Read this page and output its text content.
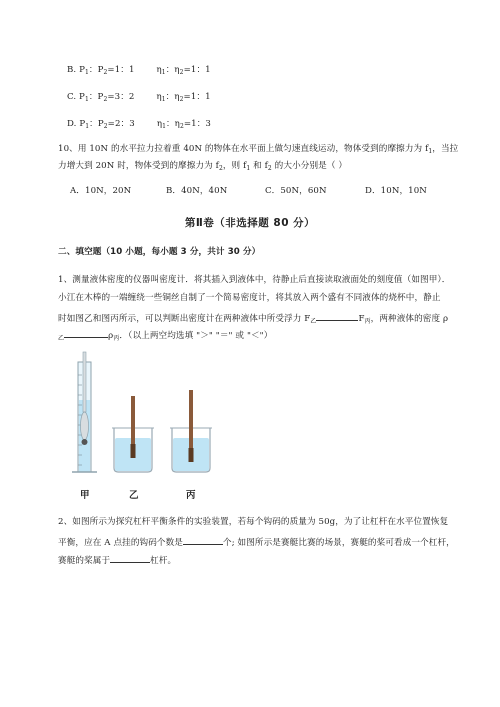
B. $P_1$：$P_2=1$：1	$\eta_1$：$\eta_2=1$：1
C. $P_1$：$P_2=3$：2	$\eta_1$：$\eta_2=1$：1
D. $P_1$：$P_2=2$：3	$\eta_1$：$\eta_2=1$：3
10、用 10N 的水平拉力拉着重 40N 的物体在水平面上做匀速直线运动，物体受到的摩擦力为 $f_1$，当拉
力增大到 20N 时，物体受到的摩擦力为 $f_2$，则 $f_1$ 和 $f_2$ 的大小分别是（ ）
A．10N，20N	B．40N，40N	C．50N，60N	D．10N，10N
第Ⅱ卷（非选择题 80 分）
二、填空题（10 小题，每小题 3 分，共计 30 分）
1、测量液体密度的仪器叫密度计．将其插入到液体中，待静止后直接读取液面处的刻度值（如图甲）．
小江在木棒的一端缠绕一些铜丝自制了一个简易密度计，将其放入两个盛有不同液体的烧杯中，静止
时如图乙和图丙所示，可以判断出密度计在两种液体中所受浮力 $F_乙$	$F_丙$，两种液体的密度 ρ
$_乙$	$\rho_丙$．（以上两空均选填 "＞" "＝" 或 "＜"）
甲	乙	丙
2、如图所示为探究杠杆平衡条件的实验装置，若每个钩码的质量为 50g，为了让杠杆在水平位置恢复
平衡，应在 A 点挂的钩码个数是	个; 如图所示是赛艇比赛的场景，赛艇的桨可看成一个杠杆，
赛艇的桨属于	杠杆。
